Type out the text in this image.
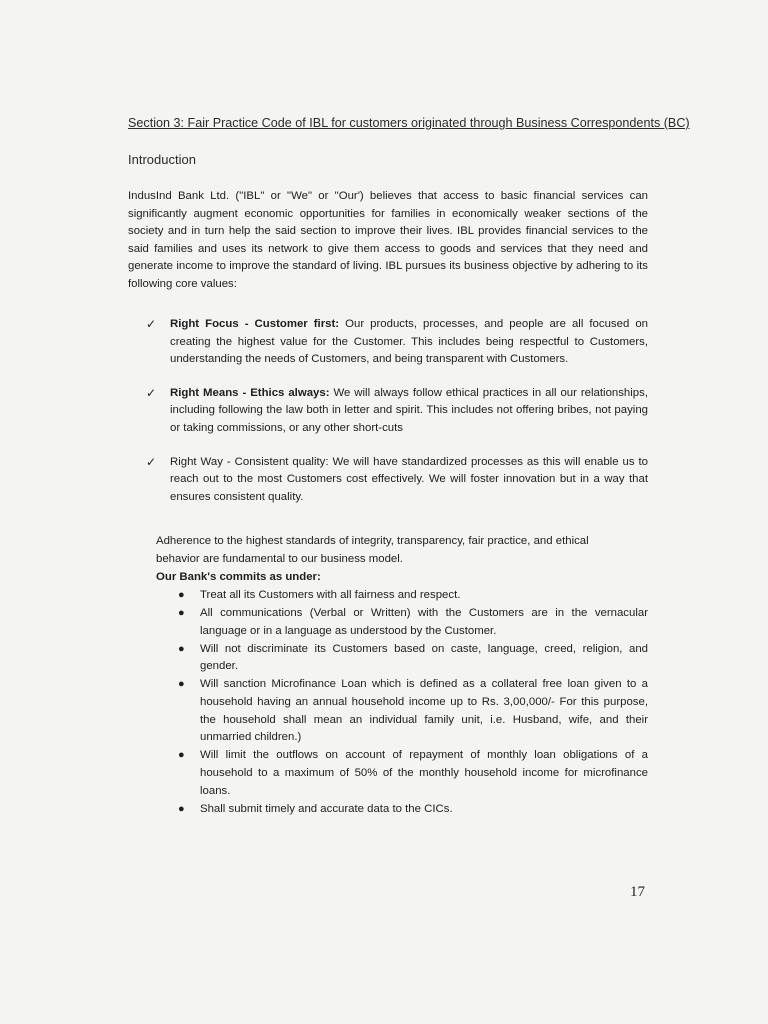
Section 3: Fair Practice Code of IBL for customers originated through Business Correspondents (BC)
Introduction

IndusInd Bank Ltd. ("IBL" or "We" or "Our') believes that access to basic financial services can significantly augment economic opportunities for families in economically weaker sections of the society and in turn help the said section to improve their lives. IBL provides financial services to the said families and uses its network to give them access to goods and services that they need and generate income to improve the standard of living. IBL pursues its business objective by adhering to its following core values:

✓ Right Focus - Customer first: Our products, processes, and people are all focused on creating the highest value for the Customer. This includes being respectful to Customers, understanding the needs of Customers, and being transparent with Customers.
✓ Right Means - Ethics always: We will always follow ethical practices in all our relationships, including following the law both in letter and spirit. This includes not offering bribes, not paying or taking commissions, or any other short-cuts
✓ Right Way - Consistent quality: We will have standardized processes as this will enable us to reach out to the most Customers cost effectively. We will foster innovation but in a way that ensures consistent quality.

Adherence to the highest standards of integrity, transparency, fair practice, and ethical behavior are fundamental to our business model.

Our Bank's commits as under:
● Treat all its Customers with all fairness and respect.
● All communications (Verbal or Written) with the Customers are in the vernacular language or in a language as understood by the Customer.
● Will not discriminate its Customers based on caste, language, creed, religion, and gender.
● Will sanction Microfinance Loan which is defined as a collateral free loan given to a household having an annual household income up to Rs. 3,00,000/- For this purpose, the household shall mean an individual family unit, i.e. Husband, wife, and their unmarried children.)
● Will limit the outflows on account of repayment of monthly loan obligations of a household to a maximum of 50% of the monthly household income for microfinance loans.
● Shall submit timely and accurate data to the CICs.
17
